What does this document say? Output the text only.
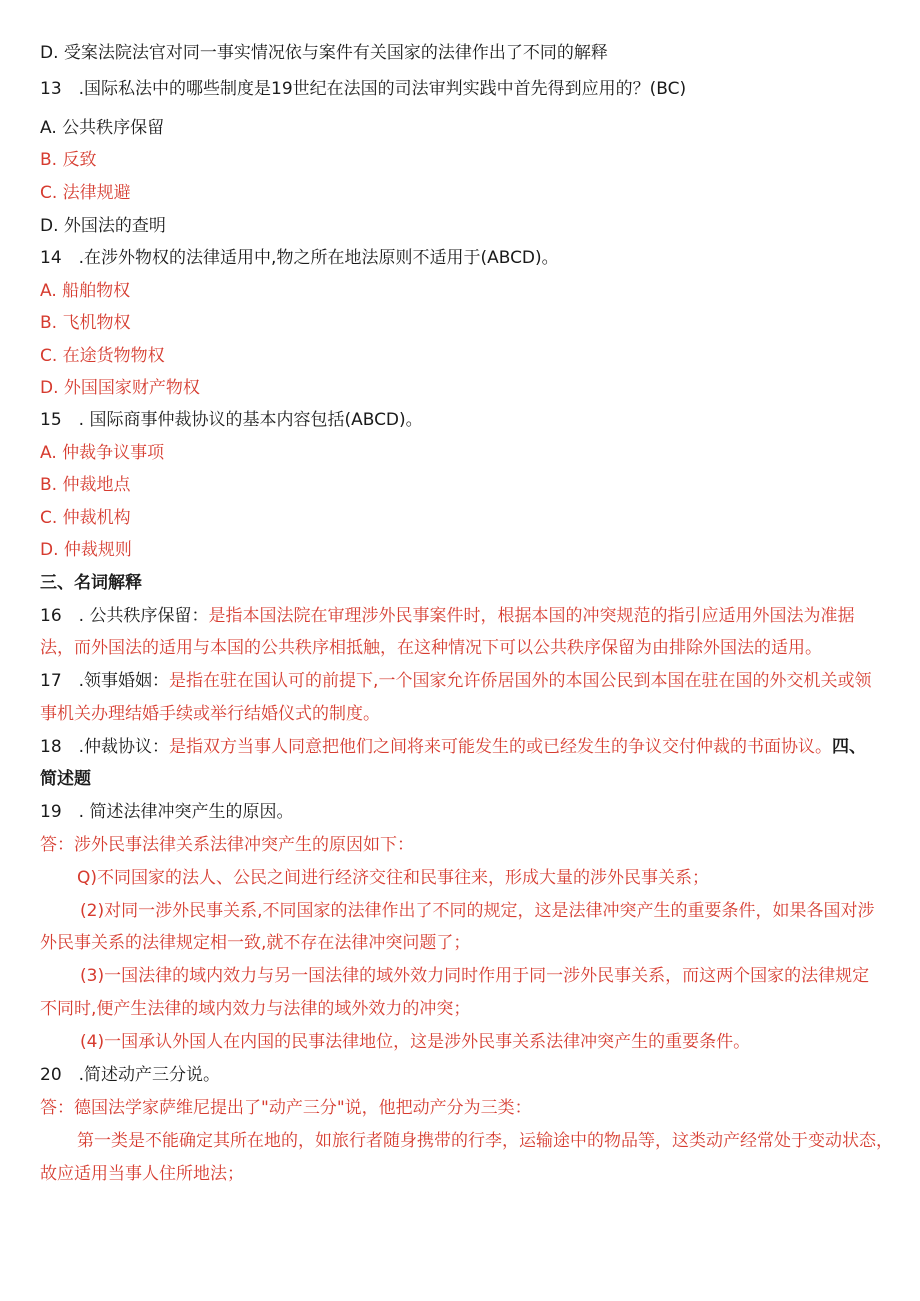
D. 受案法院法官对同一事实情况依与案件有关国家的法律作出了不同的解释
13　.国际私法中的哪些制度是19世纪在法国的司法审判实践中首先得到应用的？(BC)
A. 公共秩序保留
B. 反致
C. 法律规避
D. 外国法的查明
14　.在涉外物权的法律适用中,物之所在地法原则不适用于(ABCD)。
A. 船舶物权
B. 飞机物权
C. 在途货物物权
D. 外国国家财产物权
15　. 国际商事仲裁协议的基本内容包括(ABCD)。
A. 仲裁争议事项
B. 仲裁地点
C. 仲裁机构
D. 仲裁规则
三、名词解释
16　. 公共秩序保留：是指本国法院在审理涉外民事案件时，根据本国的冲突规范的指引应适用外国法为准据
法，而外国法的适用与本国的公共秩序相抵触，在这种情况下可以公共秩序保留为由排除外国法的适用。
17　.领事婚姻：是指在驻在国认可的前提下,一个国家允许侨居国外的本国公民到本国在驻在国的外交机关或领
事机关办理结婚手续或举行结婚仪式的制度。
18　.仲裁协议：是指双方当事人同意把他们之间将来可能发生的或已经发生的争议交付仲裁的书面协议。四、
简述题
19　. 简述法律冲突产生的原因。
答：涉外民事法律关系法律冲突产生的原因如下：
Q)不同国家的法人、公民之间进行经济交往和民事往来，形成大量的涉外民事关系；
(2)对同一涉外民事关系,不同国家的法律作出了不同的规定，这是法律冲突产生的重要条件，如果各国对涉
外民事关系的法律规定相一致,就不存在法律冲突问题了；
(3)一国法律的域内效力与另一国法律的域外效力同时作用于同一涉外民事关系，而这两个国家的法律规定
不同时,便产生法律的域内效力与法律的域外效力的冲突；
(4)一国承认外国人在内国的民事法律地位，这是涉外民事关系法律冲突产生的重要条件。
20　.简述动产三分说。
答：德国法学家萨维尼提出了"动产三分"说，他把动产分为三类：
第一类是不能确定其所在地的，如旅行者随身携带的行李，运输途中的物品等，这类动产经常处于变动状态，
故应适用当事人住所地法；
